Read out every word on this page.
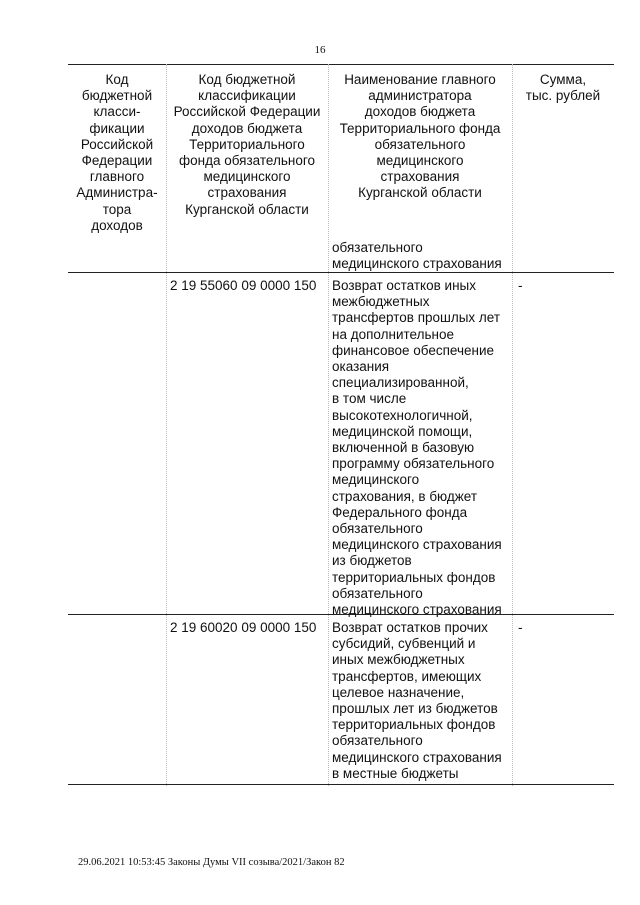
16
Код
бюджетной
класси-
фикации
Российской
Федерации
главного
Администра-
тора
доходов
Код бюджетной
классификации
Российской Федерации
доходов бюджета
Территориального
фонда обязательного
медицинского
страхования
Курганской области
Наименование главного
администратора
доходов бюджета
Территориального фонда
обязательного
медицинского
страхования
Курганской области
Сумма,
тыс. рублей
обязательного
медицинского страхования
2 19 55060 09 0000 150	Возврат остатков иных
межбюджетных
трансфертов прошлых лет
на дополнительное
финансовое обеспечение
оказания
специализированной,
в том числе
высокотехнологичной,
медицинской помощи,
включенной в базовую
программу обязательного
медицинского
страхования, в бюджет
Федерального фонда
обязательного
медицинского страхования
из бюджетов
территориальных фондов
обязательного
медицинского страхования
-
2 19 60020 09 0000 150	Возврат остатков прочих
субсидий, субвенций и
иных межбюджетных
трансфертов, имеющих
целевое назначение,
прошлых лет из бюджетов
территориальных фондов
обязательного
медицинского страхования
в местные бюджеты
-
29.06.2021 10:53:45 Законы Думы VII созыва/2021/Закон 82
